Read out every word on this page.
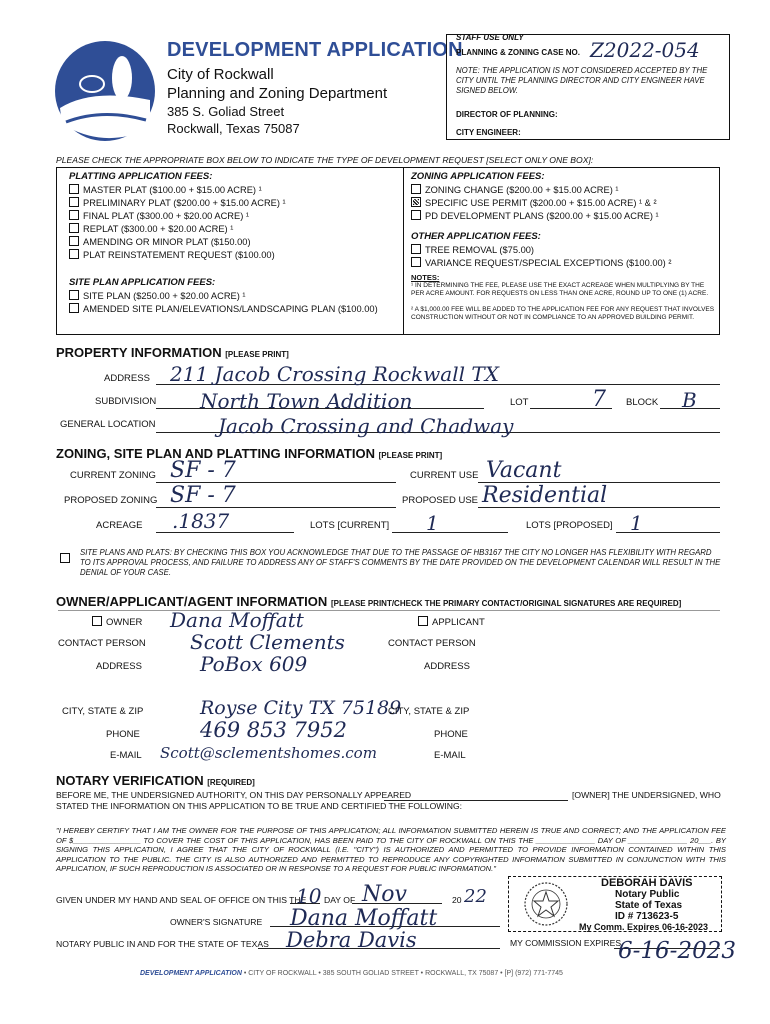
DEVELOPMENT APPLICATION
City of Rockwall
Planning and Zoning Department
385 S. Goliad Street
Rockwall, Texas 75087
STAFF USE ONLY
PLANNING & ZONING CASE NO. Z2022-054
NOTE: THE APPLICATION IS NOT CONSIDERED ACCEPTED BY THE CITY UNTIL THE PLANNING DIRECTOR AND CITY ENGINEER HAVE SIGNED BELOW.
DIRECTOR OF PLANNING:
CITY ENGINEER:
PLEASE CHECK THE APPROPRIATE BOX BELOW TO INDICATE THE TYPE OF DEVELOPMENT REQUEST [SELECT ONLY ONE BOX]:
PLATTING APPLICATION FEES:
MASTER PLAT ($100.00 + $15.00 ACRE) ¹
PRELIMINARY PLAT ($200.00 + $15.00 ACRE) ¹
FINAL PLAT ($300.00 + $20.00 ACRE) ¹
REPLAT ($300.00 + $20.00 ACRE) ¹
AMENDING OR MINOR PLAT ($150.00)
PLAT REINSTATEMENT REQUEST ($100.00)
SITE PLAN APPLICATION FEES:
SITE PLAN ($250.00 + $20.00 ACRE) ¹
AMENDED SITE PLAN/ELEVATIONS/LANDSCAPING PLAN ($100.00)
ZONING APPLICATION FEES:
ZONING CHANGE ($200.00 + $15.00 ACRE) ¹
SPECIFIC USE PERMIT ($200.00 + $15.00 ACRE) ¹ & ²
PD DEVELOPMENT PLANS ($200.00 + $15.00 ACRE) ¹
OTHER APPLICATION FEES:
TREE REMOVAL ($75.00)
VARIANCE REQUEST/SPECIAL EXCEPTIONS ($100.00) ²
NOTES:
¹ IN DETERMINING THE FEE, PLEASE USE THE EXACT ACREAGE WHEN MULTIPLYING BY THE PER ACRE AMOUNT. FOR REQUESTS ON LESS THAN ONE ACRE, ROUND UP TO ONE (1) ACRE.
² A $1,000.00 FEE WILL BE ADDED TO THE APPLICATION FEE FOR ANY REQUEST THAT INVOLVES CONSTRUCTION WITHOUT OR NOT IN COMPLIANCE TO AN APPROVED BUILDING PERMIT.
PROPERTY INFORMATION [PLEASE PRINT]
ADDRESS 211 Jacob Crossing Rockwall TX
SUBDIVISION North Town Addition	LOT	7 BLOCK B
GENERAL LOCATION	Jacob Crossing and Chadway
ZONING, SITE PLAN AND PLATTING INFORMATION [PLEASE PRINT]
CURRENT ZONING SF - 7	CURRENT USE Vacant
PROPOSED ZONING SF - 7	PROPOSED USE Residential
ACREAGE .1837	LOTS [CURRENT] 1	LOTS [PROPOSED] 1
SITE PLANS AND PLATS: BY CHECKING THIS BOX YOU ACKNOWLEDGE THAT DUE TO THE PASSAGE OF HB3167 THE CITY NO LONGER HAS FLEXIBILITY WITH REGARD TO ITS APPROVAL PROCESS, AND FAILURE TO ADDRESS ANY OF STAFF'S COMMENTS BY THE DATE PROVIDED ON THE DEVELOPMENT CALENDAR WILL RESULT IN THE DENIAL OF YOUR CASE.
OWNER/APPLICANT/AGENT INFORMATION [PLEASE PRINT/CHECK THE PRIMARY CONTACT/ORIGINAL SIGNATURES ARE REQUIRED]
OWNER Dana Moffatt	APPLICANT
CONTACT PERSON Scott Clements	CONTACT PERSON
ADDRESS	PoBox 609	ADDRESS
CITY, STATE & ZIP	Royse City TX 75189
CITY, STATE & ZIP
PHONE	469 853 7952	PHONE
E-MAIL Scott@sclementshomes.com	E-MAIL
NOTARY VERIFICATION [REQUIRED]
BEFORE ME, THE UNDERSIGNED AUTHORITY, ON THIS DAY PERSONALLY APPEARED	[OWNER] THE UNDERSIGNED, WHO
STATED THE INFORMATION ON THIS APPLICATION TO BE TRUE AND CERTIFIED THE FOLLOWING:
"I HEREBY CERTIFY THAT I AM THE OWNER FOR THE PURPOSE OF THIS APPLICATION; ALL INFORMATION SUBMITTED HEREIN IS TRUE AND CORRECT; AND THE APPLICATION FEE OF $________________ TO COVER THE COST OF THIS APPLICATION, HAS BEEN PAID TO THE CITY OF ROCKWALL ON THIS THE ______________ DAY OF ______________ 20___. BY SIGNING THIS APPLICATION, I AGREE THAT THE CITY OF ROCKWALL (I.E. "CITY") IS AUTHORIZED AND PERMITTED TO PROVIDE INFORMATION CONTAINED WITHIN THIS APPLICATION TO THE PUBLIC. THE CITY IS ALSO AUTHORIZED AND PERMITTED TO REPRODUCE ANY COPYRIGHTED INFORMATION SUBMITTED IN CONJUNCTION WITH THIS APPLICATION, IF SUCH REPRODUCTION IS ASSOCIATED OR IN RESPONSE TO A REQUEST FOR PUBLIC INFORMATION."
GIVEN UNDER MY HAND AND SEAL OF OFFICE ON THIS THE
10 DAY OF Nov	20 22
OWNER'S SIGNATURE Dana Moffatt
NOTARY PUBLIC IN AND FOR THE STATE OF TEXAS Debra Davis	MY COMMISSION EXPIRES
6-16-2023
DEBORAH DAVIS
Notary Public
State of Texas
ID # 713623-5
My Comm. Expires 06-16-2023
DEVELOPMENT APPLICATION • CITY OF ROCKWALL • 385 SOUTH GOLIAD STREET • ROCKWALL, TX 75087 • [P] (972) 771-7745
